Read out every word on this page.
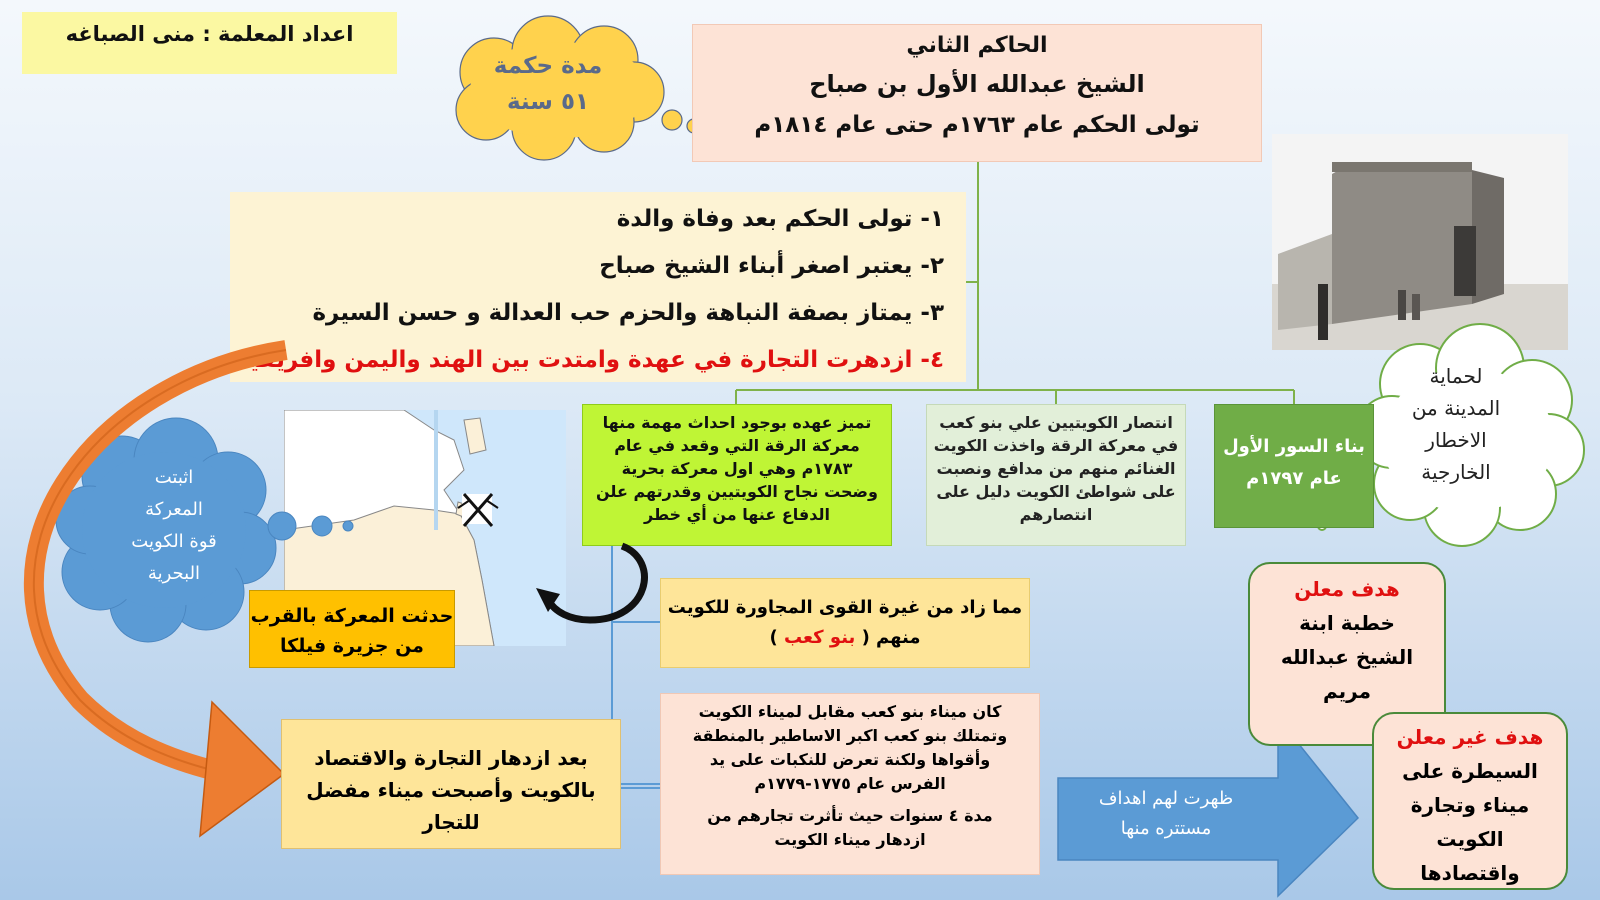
اعداد المعلمة : منى الصباغه
مدة حكمة
٥١ سنة
الحاكم الثاني
الشيخ عبدالله الأول بن صباح
تولى الحكم عام ١٧٦٣م حتى عام ١٨١٤م
١- تولى الحكم بعد وفاة والدة
٢- يعتبر اصغر أبناء الشيخ صباح
٣- يمتاز بصفة النباهة والحزم حب العدالة و حسن السيرة
٤- ازدهرت التجارة في عهدة وامتدت بين الهند واليمن وافريقيا
لحماية
المدينة من
الاخطار
الخارجية
تميز عهده بوجود احداث مهمة منها
معركة الرقة التي وقعد في عام
١٧٨٣م وهي اول معركة بحرية
وضحت نجاح الكويتيين وقدرتهم علن
الدفاع عنها من أي خطر
انتصار الكويتيين علي بنو كعب
في معركة الرقة واخذت الكويت
الغنائم منهم من مدافع ونصبت
على شواطئ الكويت دليل على
انتصارهم
بناء السور الأول
عام ١٧٩٧م
حدثت المعركة بالقرب
من جزيرة فيلكا
اثبتت
المعركة
قوة الكويت
البحرية
مما زاد من غيرة القوى المجاورة للكويت
منهم ( بنو كعب )
كان ميناء بنو كعب مقابل لميناء الكويت
وتمتلك بنو كعب اكبر الاساطير بالمنطقة
وأقواها ولكنة تعرض للنكبات على يد
الفرس عام ١٧٧٥-١٧٧٩م
مدة ٤ سنوات حيث تأثرت تجارهم من
ازدهار ميناء الكويت
بعد ازدهار التجارة والاقتصاد
بالكويت وأصبحت ميناء مفضل
للتجار
ظهرت لهم اهداف
مستتره منها
هدف معلن
خطبة ابنة
الشيخ عبدالله
مريم
هدف غير معلن
السيطرة على
ميناء وتجارة
الكويت
واقتصادها
